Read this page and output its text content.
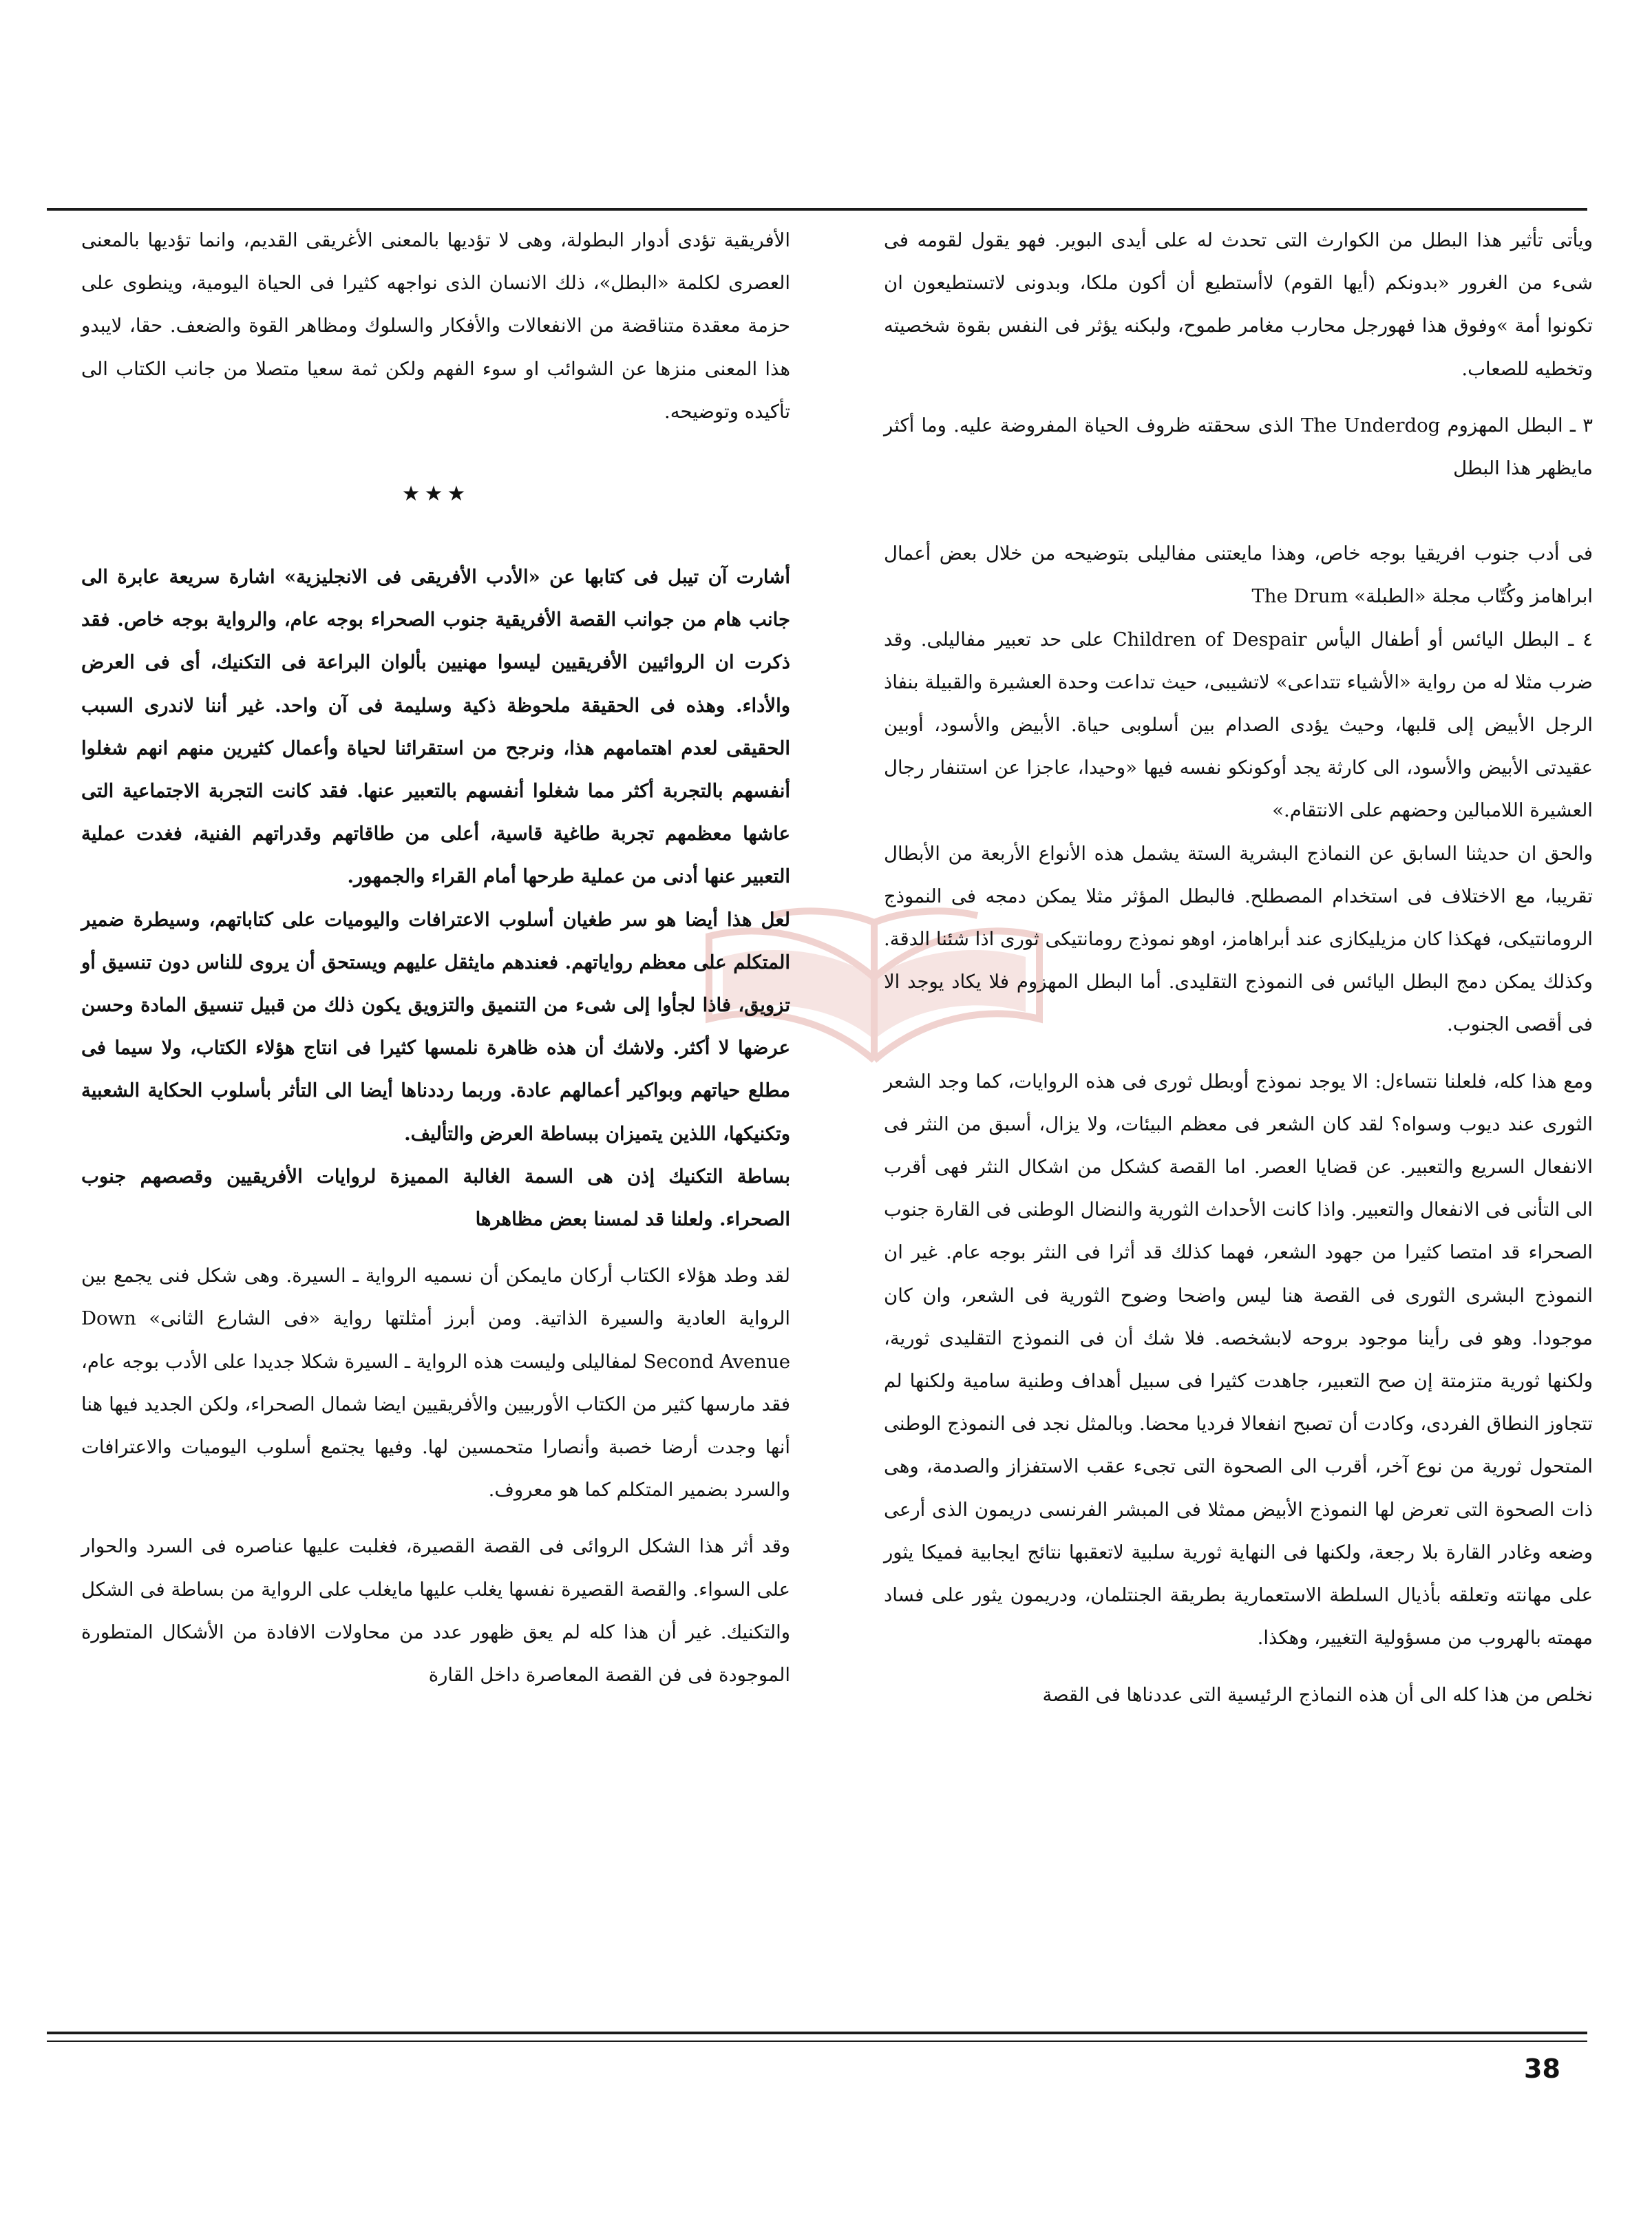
ويأتى تأثير هذا البطل من الكوارث التى تحدث له على أيدى البوير. فهو يقول لقومه فى شىء من الغرور «بدونكم (أيها القوم) لاأستطيع أن أكون ملكا، وبدونى لاتستطيعون ان تكونوا أمة »وفوق هذا فهورجل محارب مغامر طموح، ولبكنه يؤثر فى النفس بقوة شخصيته وتخطيه للصعاب.

٣ ـ البطل المهزوم The Underdog الذى سحقته ظروف الحياة المفروضة عليه. وما أكثر مايظهر هذا البطل

فى أدب جنوب افريقيا بوجه خاص، وهذا مايعتنى مفاليلى بتوضيحه من خلال بعض أعمال ابراهامز وكُتّاب مجلة «الطبلة» The Drum

٤ ـ البطل اليائس أو أطفال اليأس Children of Despair على حد تعبير مفاليلى. وقد ضرب مثلا له من رواية «الأشياء تتداعى» لاتشيبى، حيث تداعت وحدة العشيرة والقبيلة بنفاذ الرجل الأبيض إلى قلبها، وحيث يؤدى الصدام بين أسلوبى حياة. الأبيض والأسود، أوبين عقيدتى الأبيض والأسود، الى كارثة يجد أوكونكو نفسه فيها «وحيدا، عاجزا عن استنفار رجال العشيرة اللامبالين وحضهم على الانتقام.»

والحق ان حديثنا السابق عن النماذج البشرية الستة يشمل هذه الأنواع الأربعة من الأبطال تقريبا، مع الاختلاف فى استخدام المصطلح. فالبطل المؤثر مثلا يمكن دمجه فى النموذج الرومانتيكى، فهكذا كان مزيليكازى عند أبراهامز، اوهو نموذج رومانتيكى ثورى اذا شئنا الدقة. وكذلك يمكن دمج البطل اليائس فى النموذج التقليدى. أما البطل المهزوم فلا يكاد يوجد الا فى أقصى الجنوب.

ومع هذا كله، فلعلنا نتساءل: الا يوجد نموذج أوبطل ثورى فى هذه الروايات، كما وجد الشعر الثورى عند ديوب وسواه؟ لقد كان الشعر فى معظم البيئات، ولا يزال، أسبق من النثر فى الانفعال السريع والتعبير. عن قضايا العصر. اما القصة كشكل من اشكال النثر فهى أقرب الى التأنى فى الانفعال والتعبير. واذا كانت الأحداث الثورية والنضال الوطنى فى القارة جنوب الصحراء قد امتصا كثيرا من جهود الشعر، فهما كذلك قد أثرا فى النثر بوجه عام. غير ان النموذج البشرى الثورى فى القصة هنا ليس واضحا وضوح الثورية فى الشعر، وان كان موجودا. وهو فى رأينا موجود بروحه لابشخصه. فلا شك أن فى النموذج التقليدى ثورية، ولكنها ثورية متزمتة إن صح التعبير، جاهدت كثيرا فى سبيل أهداف وطنية سامية ولكنها لم تتجاوز النطاق الفردى، وكادت أن تصبح انفعالا فرديا محضا. وبالمثل نجد فى النموذج الوطنى المتحول ثورية من نوع آخر، أقرب الى الصحوة التى تجىء عقب الاستفزاز والصدمة، وهى ذات الصحوة التى تعرض لها النموذج الأبيض ممثلا فى المبشر الفرنسى دريمون الذى أرعى وضعه وغادر القارة بلا رجعة، ولكنها فى النهاية ثورية سلبية لاتعقبها نتائج ايجابية فميكا يثور على مهانته وتعلقه بأذيال السلطة الاستعمارية بطريقة الجنتلمان، ودريمون يثور على فساد مهمته بالهروب من مسؤولية التغيير، وهكذا.

نخلص من هذا كله الى أن هذه النماذج الرئيسية التى عددناها فى القصة

الأفريقية تؤدى أدوار البطولة، وهى لا تؤديها بالمعنى الأغريقى القديم، وانما تؤديها بالمعنى العصرى لكلمة «البطل»، ذلك الانسان الذى نواجهه كثيرا فى الحياة اليومية، وينطوى على حزمة معقدة متناقضة من الانفعالات والأفكار والسلوك ومظاهر القوة والضعف. حقا، لايبدو هذا المعنى منزها عن الشوائب او سوء الفهم ولكن ثمة سعيا متصلا من جانب الكتاب الى تأكيده وتوضيحه.

★★★

أشارت آن تيبل فى كتابها عن «الأدب الأفريقى فى الانجليزية» اشارة سريعة عابرة الى جانب هام من جوانب القصة الأفريقية جنوب الصحراء بوجه عام، والرواية بوجه خاص. فقد ذكرت ان الروائيين الأفريقيين ليسوا مهنيين بألوان البراعة فى التكنيك، أى فى العرض والأداء. وهذه فى الحقيقة ملحوظة ذكية وسليمة فى آن واحد. غير أننا لاندرى السبب الحقيقى لعدم اهتمامهم هذا، ونرجح من استقرائنا لحياة وأعمال كثيرين منهم انهم شغلوا أنفسهم بالتجربة أكثر مما شغلوا أنفسهم بالتعبير عنها. فقد كانت التجربة الاجتماعية التى عاشها معظمهم تجربة طاغية قاسية، أعلى من طاقاتهم وقدراتهم الفنية، فغدت عملية التعبير عنها أدنى من عملية طرحها أمام القراء والجمهور.

لعل هذا أيضا هو سر طغيان أسلوب الاعترافات واليوميات على كتاباتهم، وسيطرة ضمير المتكلم على معظم رواياتهم. فعندهم مايثقل عليهم ويستحق أن يروى للناس دون تنسيق أو تزويق، فاذا لجأوا إلى شىء من التنميق والتزويق يكون ذلك من قبيل تنسيق المادة وحسن عرضها لا أكثر. ولاشك أن هذه ظاهرة نلمسها كثيرا فى انتاج هؤلاء الكتاب، ولا سيما فى مطلع حياتهم وبواكير أعمالهم عادة. وربما رددناها أيضا الى التأثر بأسلوب الحكاية الشعبية وتكنيكها، اللذين يتميزان ببساطة العرض والتأليف.

بساطة التكنيك إذن هى السمة الغالبة المميزة لروايات الأفريقيين وقصصهم جنوب الصحراء. ولعلنا قد لمسنا بعض مظاهرها

لقد وطد هؤلاء الكتاب أركان مايمكن أن نسميه الرواية ـ السيرة. وهى شكل فنى يجمع بين الرواية العادية والسيرة الذاتية. ومن أبرز أمثلتها رواية «فى الشارع الثانى» Down Second Avenue لمفاليلى وليست هذه الرواية ـ السيرة شكلا جديدا على الأدب بوجه عام، فقد مارسها كثير من الكتاب الأوربيين والأفريقيين ايضا شمال الصحراء، ولكن الجديد فيها هنا أنها وجدت أرضا خصبة وأنصارا متحمسين لها. وفيها يجتمع أسلوب اليوميات والاعترافات والسرد بضمير المتكلم كما هو معروف.

وقد أثر هذا الشكل الروائى فى القصة القصيرة، فغلبت عليها عناصره فى السرد والحوار على السواء. والقصة القصيرة نفسها يغلب عليها مايغلب على الرواية من بساطة فى الشكل والتكنيك. غير أن هذا كله لم يعق ظهور عدد من محاولات الافادة من الأشكال المتطورة الموجودة فى فن القصة المعاصرة داخل القارة

38
